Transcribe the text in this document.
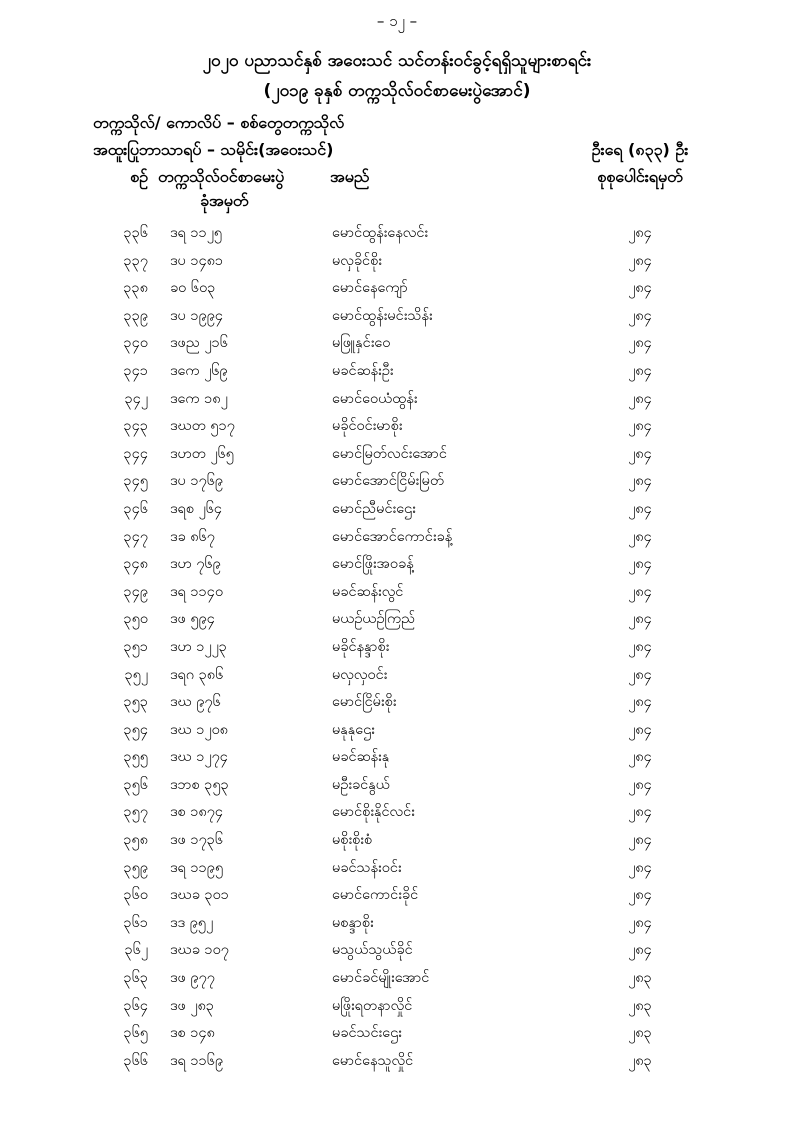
– ၁၂ –
၂၀၂၀ ပညာသင်နှစ် အဝေးသင် သင်တန်းဝင်ခွင့်ရရှိသူများစာရင်း
(၂၀၁၉ ခုနှစ် တက္ကသိုလ်ဝင်စာမေးပွဲအောင်)
တက္ကသိုလ်/ ကောလိပ် – စစ်တွေတက္ကသိုလ်
အထူးပြုဘာသာရပ် – သမိုင်း(အဝေးသင်)	ဦးရေ (၈၃၃) ဦး
စဉ် တက္ကသိုလ်ဝင်စာမေးပွဲ
ခုံအမှတ်
အမည်	စုစုပေါင်းရမှတ်
၃၃၆ ဒရ ၁၁၂၅	မောင်ထွန်းနေလင်း	၂၈၄
၃၃၇ ဒပ ၁၄၈၁	မလှခိုင်စိုး	၂၈၄
၃၃၈ ခဝ ၆၀၃	မောင်နေကျော်	၂၈၄
၃၃၉ ဒပ ၁၉၉၄	မောင်ထွန်းမင်းသိန်း	၂၈၄
၃၄၀ ဒဖည ၂၁၆	မဖြူနှင်းဝေ	၂၈၄
၃၄၁ ဒကေ ၂၆၉	မခင်ဆန်းဦး	၂၈၄
၃၄၂ ဒကေ ၁၈၂	မောင်ဝေယံထွန်း	၂၈၄
၃၄၃ ဒဃတ ၅၁၇	မခိုင်ဝင်းမာစိုး	၂၈၄
၃၄၄ ဒဟတ ၂၆၅	မောင်မြတ်လင်းအောင်	၂၈၄
၃၄၅ ဒပ ၁၇၆၉	မောင်အောင်ငြိမ်းမြတ်	၂၈၄
၃၄၆ ဒရစ ၂၆၄	မောင်ညီမင်းဌေး	၂၈၄
၃၄၇ ဒခ ၈၆၇	မောင်အောင်ကောင်းခန့်	၂၈၄
၃၄၈ ဒဟ ၇၆၉	မောင်ဖြိုးအဝခန့်	၂၈၄
၃၄၉ ဒရ ၁၁၄၀	မခင်ဆန်းလွင်	၂၈၄
၃၅၀ ဒဖ ၅၉၄	မယဉ်ယဉ်ကြည်	၂၈၄
၃၅၁ ဒဟ ၁၂၂၃	မခိုင်နန္ဒာစိုး	၂၈၄
၃၅၂ ဒရဂ ၃၈၆	မလှလှဝင်း	၂၈၄
၃၅၃ ဒဃ ၉၇၆	မောင်ငြိမ်းစိုး	၂၈၄
၃၅၄ ဒဃ ၁၂၀၈	မနုနုဌေး	၂၈၄
၃၅၅ ဒဃ ၁၂၇၄	မခင်ဆန်းနု	၂၈၄
၃၅၆ ဒဘစ ၃၅၃	မဦးခင်နွယ်	၂၈၄
၃၅၇ ဒစ ၁၈၇၄	မောင်စိုးနိုင်လင်း	၂၈၄
၃၅၈ ဒဖ ၁၇၃၆	မစိုးစိုးစံ	၂၈၄
၃၅၉ ဒရ ၁၁၉၅	မခင်သန်းဝင်း	၂၈၄
၃၆၀ ဒဃခ ၃၀၁	မောင်ကောင်းခိုင်	၂၈၄
၃၆၁ ဒဒ ၉၅၂	မစန္ဒာစိုး	၂၈၄
၃၆၂ ဒဃခ ၁၀၇	မသွယ်သွယ်ခိုင်	၂၈၄
၃၆၃ ဒဖ ၉၇၇	မောင်ခင်မျိုးအောင်	၂၈၃
၃၆၄ ဒဖ ၂၈၃	မဖြိုးရတနာလှိုင်	၂၈၃
၃၆၅ ဒစ ၁၄၈	မခင်သင်းဌေး	၂၈၃
၃၆၆ ဒရ ၁၁၆၉	မောင်နေသူလှိုင်	၂၈၃
